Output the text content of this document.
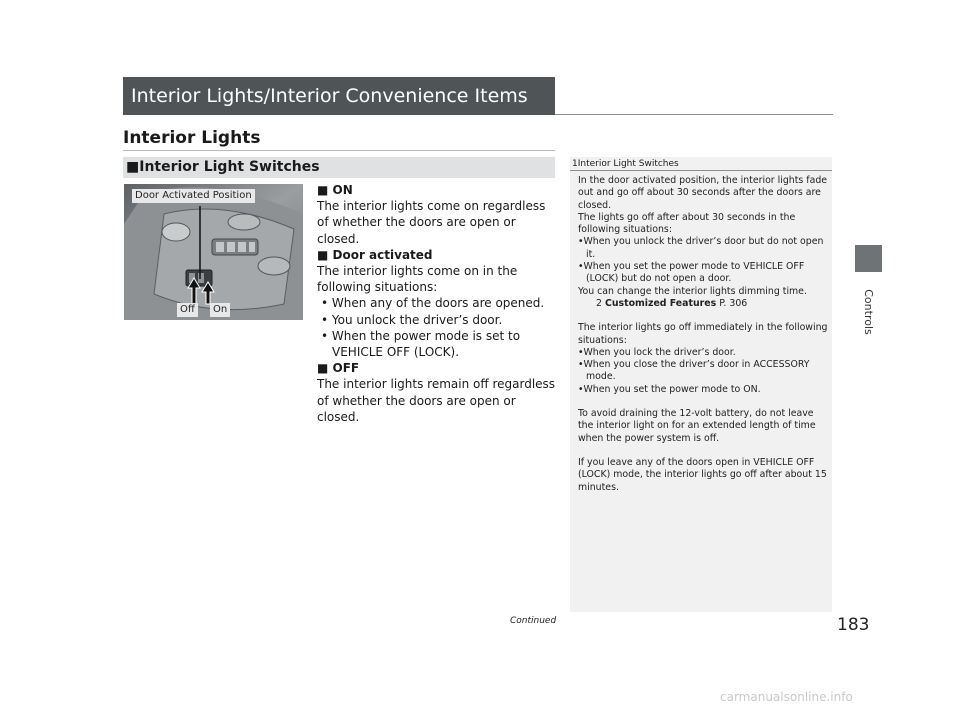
Interior Lights/Interior Convenience Items
Controls
Interior Lights
■Interior Light Switches
Door Activated Position
Off	On

■ ON

The interior lights come on regardless of whether the doors are open or closed.

■ Door activated

The interior lights come on in the following situations:

• When any of the doors are opened.

• You unlock the driver’s door.

• When the power mode is set to VEHICLE OFF (LOCK).

■ OFF

The interior lights remain off regardless of whether the doors are open or closed.

1Interior Light Switches

In the door activated position, the interior lights fade out and go off about 30 seconds after the doors are closed.

The lights go off after about 30 seconds in the following situations:

•When you unlock the driver’s door but do not open it.

•When you set the power mode to VEHICLE OFF (LOCK) but do not open a door.

You can change the interior lights dimming time.

2 Customized Features P. 306

The interior lights go off immediately in the following situations:

•When you lock the driver’s door.

•When you close the driver’s door in ACCESSORY mode.

•When you set the power mode to ON.

To avoid draining the 12-volt battery, do not leave the interior light on for an extended length of time when the power system is off.

If you leave any of the doors open in VEHICLE OFF (LOCK) mode, the interior lights go off after about 15 minutes.

Continued	183
carmanualsonline.info
